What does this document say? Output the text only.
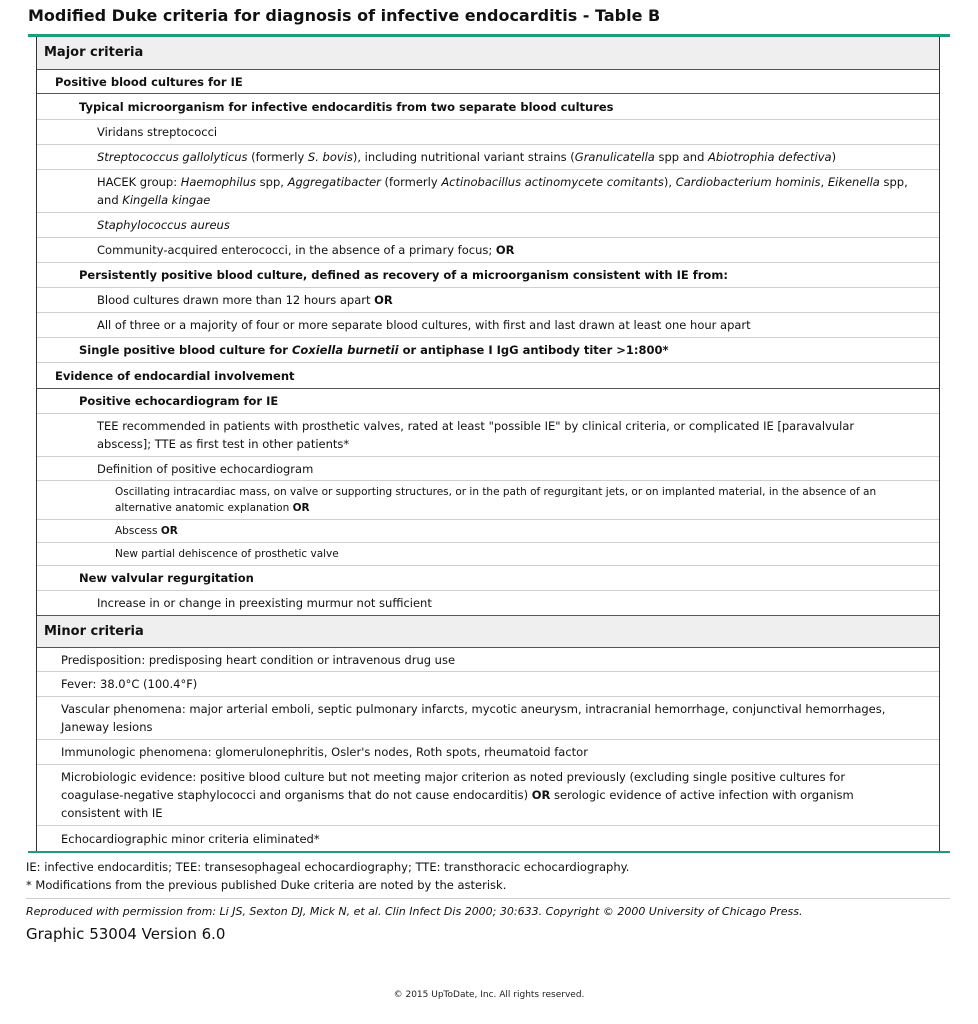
Modified Duke criteria for diagnosis of infective endocarditis - Table B
Major criteria
Positive blood cultures for IE
Typical microorganism for infective endocarditis from two separate blood cultures
Viridans streptococci
Streptococcus gallolyticus (formerly S. bovis), including nutritional variant strains (Granulicatella spp and Abiotrophia defectiva)
HACEK group: Haemophilus spp, Aggregatibacter (formerly Actinobacillus actinomycete comitants), Cardiobacterium hominis, Eikenella spp, and Kingella kingae
Staphylococcus aureus
Community-acquired enterococci, in the absence of a primary focus; OR
Persistently positive blood culture, defined as recovery of a microorganism consistent with IE from:
Blood cultures drawn more than 12 hours apart OR
All of three or a majority of four or more separate blood cultures, with first and last drawn at least one hour apart
Single positive blood culture for Coxiella burnetii or antiphase I IgG antibody titer >1:800*
Evidence of endocardial involvement
Positive echocardiogram for IE
TEE recommended in patients with prosthetic valves, rated at least "possible IE" by clinical criteria, or complicated IE [paravalvular abscess]; TTE as first test in other patients*
Definition of positive echocardiogram
Oscillating intracardiac mass, on valve or supporting structures, or in the path of regurgitant jets, or on implanted material, in the absence of an alternative anatomic explanation OR
Abscess OR
New partial dehiscence of prosthetic valve
New valvular regurgitation
Increase in or change in preexisting murmur not sufficient
Minor criteria
Predisposition: predisposing heart condition or intravenous drug use
Fever: 38.0°C (100.4°F)
Vascular phenomena: major arterial emboli, septic pulmonary infarcts, mycotic aneurysm, intracranial hemorrhage, conjunctival hemorrhages, Janeway lesions
Immunologic phenomena: glomerulonephritis, Osler's nodes, Roth spots, rheumatoid factor
Microbiologic evidence: positive blood culture but not meeting major criterion as noted previously (excluding single positive cultures for coagulase-negative staphylococci and organisms that do not cause endocarditis) OR serologic evidence of active infection with organism consistent with IE
Echocardiographic minor criteria eliminated*
IE: infective endocarditis; TEE: transesophageal echocardiography; TTE: transthoracic echocardiography.
* Modifications from the previous published Duke criteria are noted by the asterisk.
Reproduced with permission from: Li JS, Sexton DJ, Mick N, et al. Clin Infect Dis 2000; 30:633. Copyright © 2000 University of Chicago Press.
Graphic 53004 Version 6.0
© 2015 UpToDate, Inc. All rights reserved.
